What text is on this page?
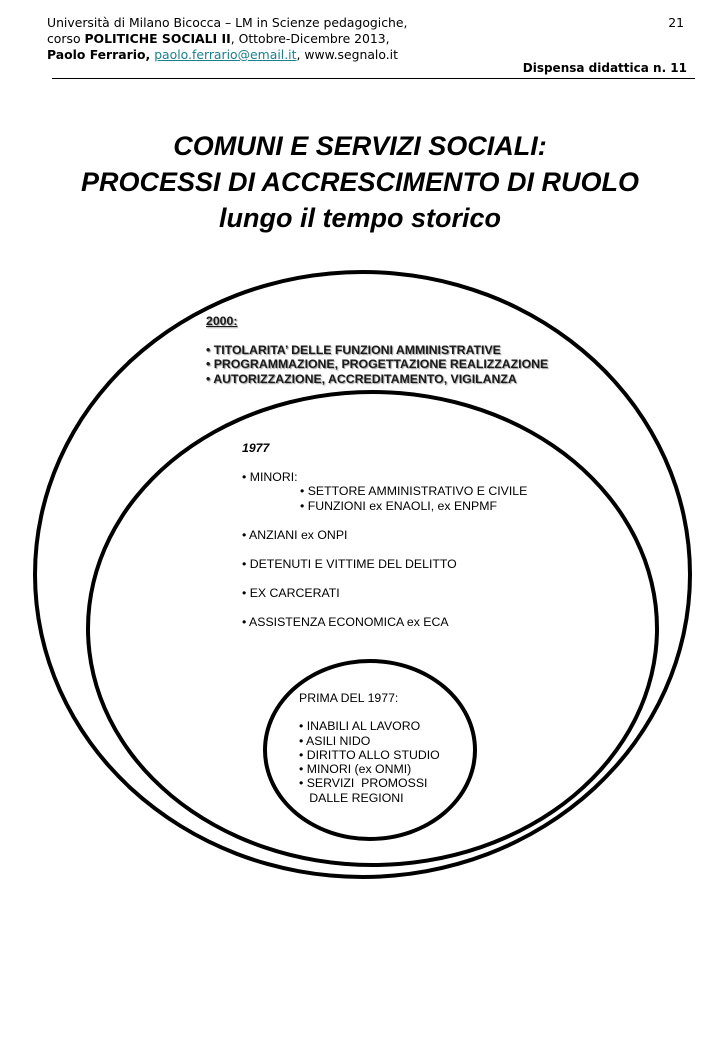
Università di Milano Bicocca – LM in Scienze pedagogiche,
corso POLITICHE SOCIALI II, Ottobre-Dicembre 2013,
Paolo Ferrario, paolo.ferrario@email.it, www.segnalo.it
21
Dispensa didattica n. 11
COMUNI E SERVIZI SOCIALI:
PROCESSI DI ACCRESCIMENTO DI RUOLO
lungo il tempo storico
2000:
• TITOLARITA’ DELLE FUNZIONI AMMINISTRATIVE
• PROGRAMMAZIONE, PROGETTAZIONE REALIZZAZIONE
• AUTORIZZAZIONE, ACCREDITAMENTO, VIGILANZA
1977
• MINORI:
• SETTORE AMMINISTRATIVO E CIVILE
• FUNZIONI ex ENAOLI, ex ENPMF
• ANZIANI ex ONPI
• DETENUTI E VITTIME DEL DELITTO
• EX CARCERATI
• ASSISTENZA ECONOMICA ex ECA
PRIMA DEL 1977:
• INABILI AL LAVORO
• ASILI NIDO
• DIRITTO ALLO STUDIO
• MINORI (ex ONMI)
• SERVIZI  PROMOSSI
DALLE REGIONI
